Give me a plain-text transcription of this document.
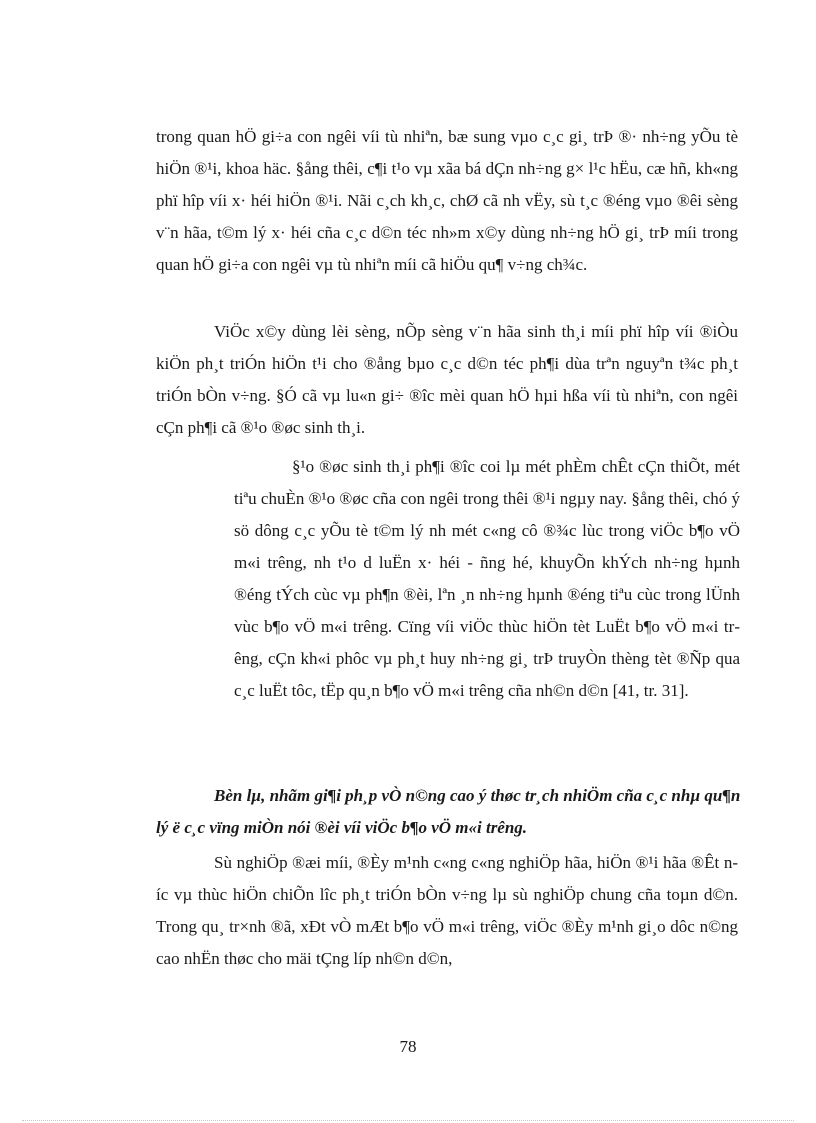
trong quan hÖ gi÷a con ngêi víi tù nhiªn, bæ sung vµo c¸c gi¸ trÞ ®· nh÷ng yÕu tè hiÖn ®¹i, khoa häc. §ång thêi, c¶i t¹o vµ xãa bá dÇn nh÷ng g× l¹c hËu, cæ hñ, kh«ng phï hîp víi x· héi hiÖn ®¹i. Nãi c¸ch kh¸c, chØ cã nh vËy, sù t¸c ®éng vµo ®êi sèng v¨n hãa, t©m lý x· héi cña c¸c d©n téc nh»m x©y dùng nh÷ng hÖ gi¸ trÞ míi trong quan hÖ gi÷a con ngêi vµ tù nhiªn míi cã hiÖu qu¶ v÷ng ch¾c.

ViÖc x©y dùng lèi sèng, nÕp sèng v¨n hãa sinh th¸i míi phï hîp víi ®iÒu kiÖn ph¸t triÓn hiÖn t¹i cho ®ång bµo c¸c d©n téc ph¶i dùa trªn nguyªn t¾c ph¸t triÓn bÒn v÷ng. §Ó cã vµ lu«n gi÷ ®îc mèi quan hÖ hµi hßa víi tù nhiªn, con ngêi cÇn ph¶i cã ®¹o ®øc sinh th¸i.

§¹o ®øc sinh th¸i ph¶i ®îc coi lµ mét phÈm chÊt cÇn thiÕt, mét tiªu chuÈn ®¹o ®øc cña con ngêi trong thêi ®¹i ngµy nay. §ång thêi, chó ý sö dông c¸c yÕu tè t©m lý nh mét c«ng cô ®¾c lùc trong viÖc b¶o vÖ m«i trêng, nh t¹o d luËn x· héi - ñng hé, khuyÕn khÝch nh÷ng hµnh ®éng tÝch cùc vµ ph¶n ®èi, lªn ¸n nh÷ng hµnh ®éng tiªu cùc trong lÜnh vùc b¶o vÖ m«i trêng. Cïng víi viÖc thùc hiÖn tèt LuËt b¶o vÖ m«i trêng, cÇn kh«i phôc vµ ph¸t huy nh÷ng gi¸ trÞ truyÒn thèng tèt ®Ñp qua c¸c luËt tôc, tËp qu¸n b¶o vÖ m«i trêng cña nh©n d©n [41, tr. 31].

Bèn lµ, nhãm gi¶i ph¸p vÒ n©ng cao ý thøc tr¸ch nhiÖm cña c¸c nhµ qu¶n lý ë c¸c vïng miÒn nói ®èi víi viÖc b¶o vÖ m«i trêng.

Sù nghiÖp ®æi míi, ®Èy m¹nh c«ng c«ng nghiÖp hãa, hiÖn ®¹i hãa ®Êt níc vµ thùc hiÖn chiÕn lîc ph¸t triÓn bÒn v÷ng lµ sù nghiÖp chung cña toµn d©n. Trong qu¸ tr×nh ®ã, xÐt vÒ mÆt b¶o vÖ m«i trêng, viÖc ®Èy m¹nh gi¸o dôc n©ng cao nhËn thøc cho mäi tÇng líp nh©n d©n,

78
